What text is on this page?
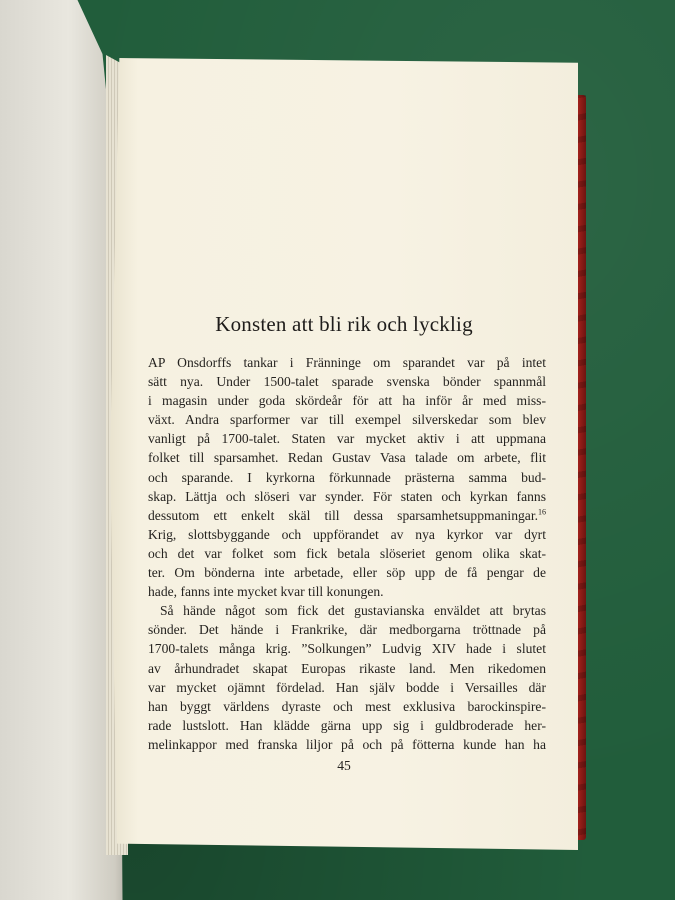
Konsten att bli rik och lycklig
AP Onsdorffs tankar i Fränninge om sparandet var på intet
sätt nya. Under 1500-talet sparade svenska bönder spannmål
i magasin under goda skördeår för att ha inför år med miss-
växt. Andra sparformer var till exempel silverskedar som blev
vanligt på 1700-talet. Staten var mycket aktiv i att uppmana
folket till sparsamhet. Redan Gustav Vasa talade om arbete, flit
och sparande. I kyrkorna förkunnade prästerna samma bud-
skap. Lättja och slöseri var synder. För staten och kyrkan fanns
dessutom ett enkelt skäl till dessa sparsamhetsuppmaningar.$^{16}$
Krig, slottsbyggande och uppförandet av nya kyrkor var dyrt
och det var folket som fick betala slöseriet genom olika skat-
ter. Om bönderna inte arbetade, eller söp upp de få pengar de
hade, fanns inte mycket kvar till konungen.
Så hände något som fick det gustavianska enväldet att brytas
sönder. Det hände i Frankrike, där medborgarna tröttnade på
1700-talets många krig. ”Solkungen” Ludvig XIV hade i slutet
av århundradet skapat Europas rikaste land. Men rikedomen
var mycket ojämnt fördelad. Han själv bodde i Versailles där
han byggt världens dyraste och mest exklusiva barockinspire-
rade lustslott. Han klädde gärna upp sig i guldbroderade her-
melinkappor med franska liljor på och på fötterna kunde han ha
45
